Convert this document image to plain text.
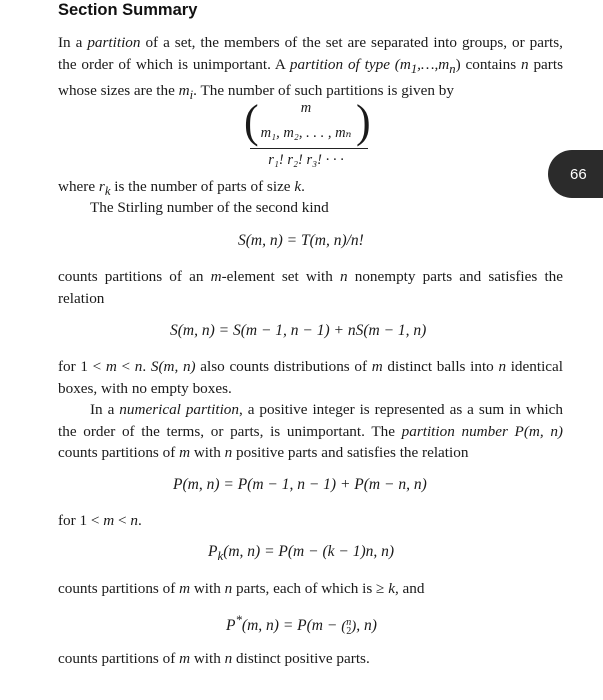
Section Summary
In a partition of a set, the members of the set are separated into groups, or parts, the order of which is unimportant. A partition of type $(m_1,\dots,m_n)$ contains n parts whose sizes are the $m_i$. The number of such partitions is given by
( )
m
m₁, m₂, . . . , mₙ
r₁! r₂! r₃! · · ·
66
where $r_k$ is the number of parts of size k.
The Stirling number of the second kind
S(m, n) = T(m, n)/n!
counts partitions of an m-element set with n nonempty parts and satisfies the relation
S(m, n) = S(m − 1, n − 1) + nS(m − 1, n)
for 1 < m < n. S(m, n) also counts distributions of m distinct balls into n identical boxes, with no empty boxes.
In a numerical partition, a positive integer is represented as a sum in which the order of the terms, or parts, is unimportant. The partition number P(m, n) counts partitions of m with n positive parts and satisfies the relation
P(m, n) = P(m − 1, n − 1) + P(m − n, n)
for 1 < m < n.
$P_k(m$, n) = P(m − (k − 1)n, n)
counts partitions of m with n parts, each of which is ≥ k, and
P*(m, n) = P(m − ( n
2 ), n)
counts partitions of m with n distinct positive parts.
